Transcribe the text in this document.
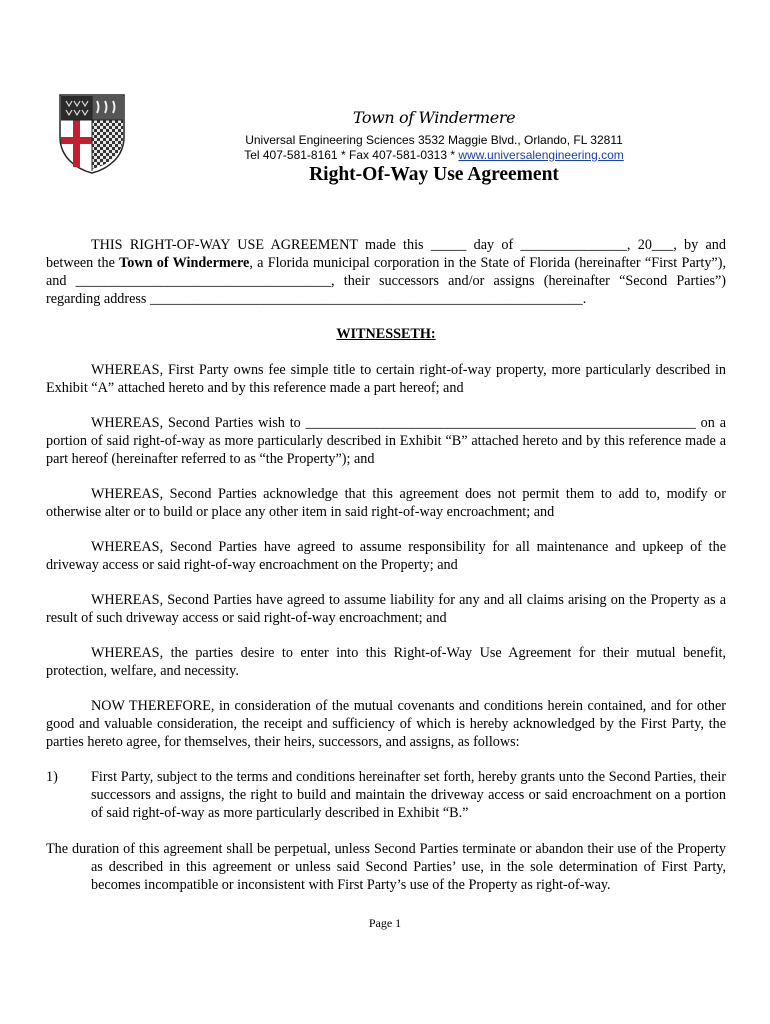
Town of Windermere
Universal Engineering Sciences 3532 Maggie Blvd., Orlando, FL 32811
Tel 407-581-8161 * Fax 407-581-0313 * www.universalengineering.com
Right-Of-Way Use Agreement

THIS RIGHT-OF-WAY USE AGREEMENT made this _____ day of _______________, 20___, by and between the Town of Windermere, a Florida municipal corporation in the State of Florida (hereinafter “First Party”), and ____________________________________, their successors and/or assigns (hereinafter “Second Parties”) regarding address _____________________________________________________________.

WITNESSETH:

WHEREAS, First Party owns fee simple title to certain right-of-way property, more particularly described in Exhibit “A” attached hereto and by this reference made a part hereof; and

WHEREAS, Second Parties wish to _______________________________________________________ on a portion of said right-of-way as more particularly described in Exhibit “B” attached hereto and by this reference made a part hereof (hereinafter referred to as “the Property”); and

WHEREAS, Second Parties acknowledge that this agreement does not permit them to add to, modify or otherwise alter or to build or place any other item in said right-of-way encroachment; and

WHEREAS, Second Parties have agreed to assume responsibility for all maintenance and upkeep of the driveway access or said right-of-way encroachment on the Property; and

WHEREAS, Second Parties have agreed to assume liability for any and all claims arising on the Property as a result of such driveway access or said right-of-way encroachment; and

WHEREAS, the parties desire to enter into this Right-of-Way Use Agreement for their mutual benefit, protection, welfare, and necessity.

NOW THEREFORE, in consideration of the mutual covenants and conditions herein contained, and for other good and valuable consideration, the receipt and sufficiency of which is hereby acknowledged by the First Party, the parties hereto agree, for themselves, their heirs, successors, and assigns, as follows:

1)	First Party, subject to the terms and conditions hereinafter set forth, hereby grants unto the Second Parties, their successors and assigns, the right to build and maintain the driveway access or said encroachment on a portion of said right-of-way as more particularly described in Exhibit “B.”

The duration of this agreement shall be perpetual, unless Second Parties terminate or abandon their use of the Property as described in this agreement or unless said Second Parties’ use, in the sole determination of First Party, becomes incompatible or inconsistent with First Party’s use of the Property as right-of-way.

Page 1
